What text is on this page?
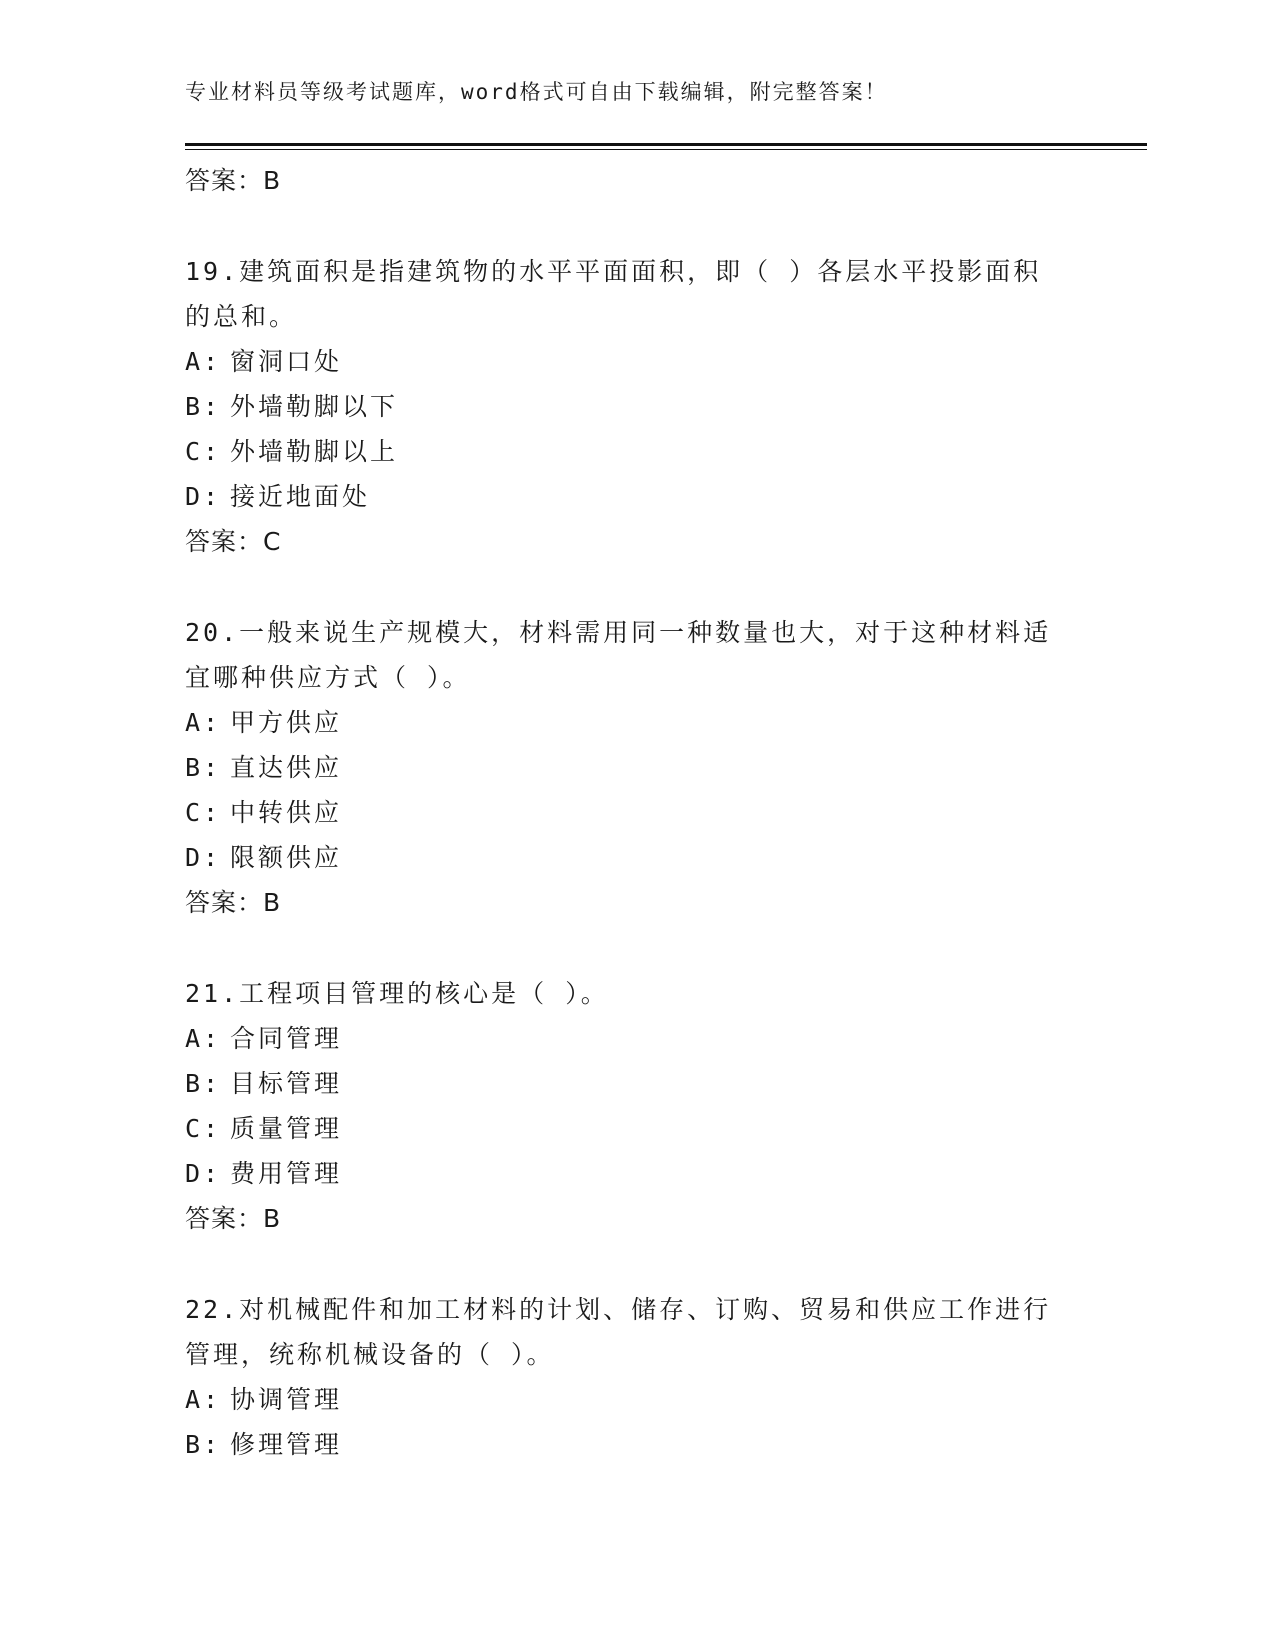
专业材料员等级考试题库，word格式可自由下载编辑，附完整答案！
答案：B
19.建筑面积是指建筑物的水平平面面积，即（ ）各层水平投影面积
的总和。
A: 窗洞口处
B: 外墙勒脚以下
C: 外墙勒脚以上
D: 接近地面处
答案：C
20.一般来说生产规模大，材料需用同一种数量也大，对于这种材料适
宜哪种供应方式（ ）。
A: 甲方供应
B: 直达供应
C: 中转供应
D: 限额供应
答案：B
21.工程项目管理的核心是（ ）。
A: 合同管理
B: 目标管理
C: 质量管理
D: 费用管理
答案：B
22.对机械配件和加工材料的计划、储存、订购、贸易和供应工作进行
管理，统称机械设备的（ ）。
A: 协调管理
B: 修理管理
